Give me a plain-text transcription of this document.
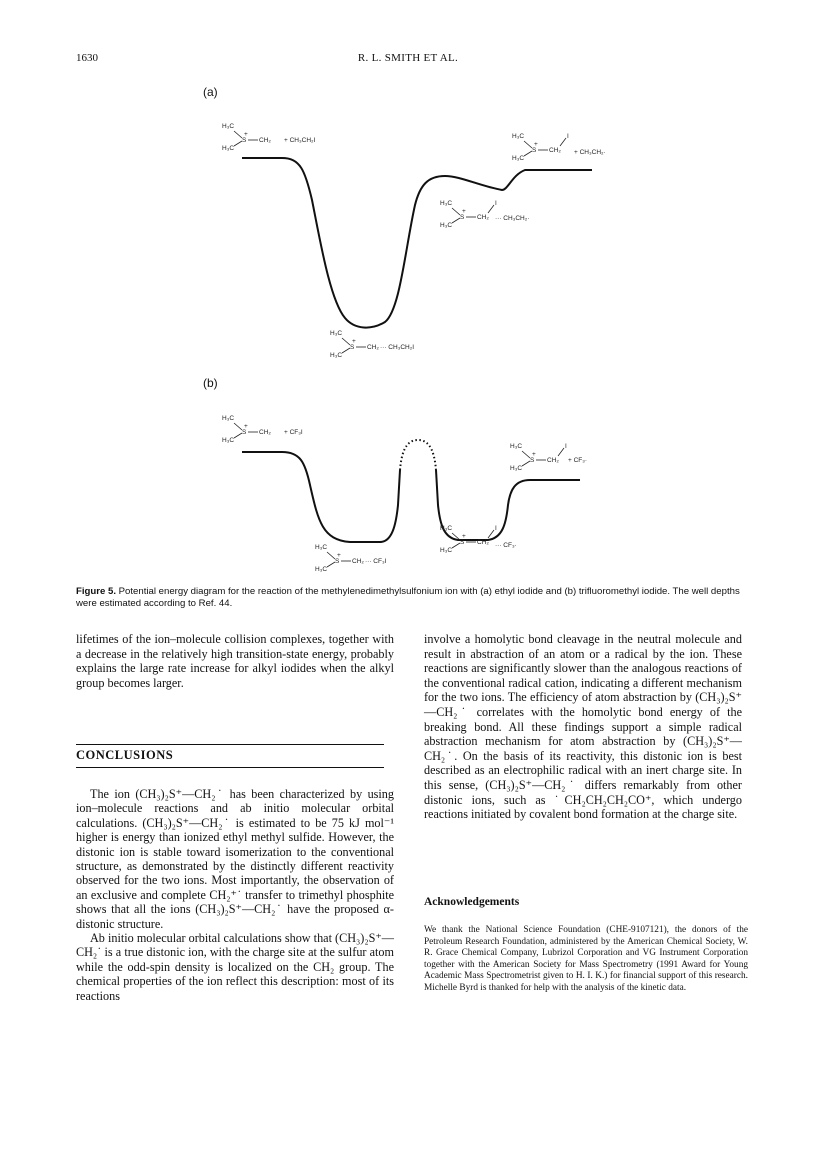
1630	R. L. SMITH ET AL.
(a)
(b)
H₃C
H₃C
+
S CH₂ + CH₃CH₂I
H₃C
H₃C
+
S CH₂
I
+ CH₃CH₂·
H₃C
H₃C
+
S CH₂
I
··· CH₃CH₂·
H₃C
H₃C
+
S CH₂ ··· CH₃CH₂I
H₃C
H₃C
+
S CH₂ + CF₃I
H₃C
H₃C
+
S CH₂
I
+ CF₃·
H₃C
H₃C
+
S CH₂
I
··· CF₃·
H₃C
H₃C
+
S CH₂ ··· CF₃I
Figure 5. Potential energy diagram for the reaction of the methylenedimethylsulfonium ion with (a) ethyl iodide and (b) trifluoromethyl iodide. The well depths were estimated according to Ref. 44.

lifetimes of the ion–molecule collision complexes, together with a decrease in the relatively high transition-state energy, probably explains the large rate increase for alkyl iodides when the alkyl group becomes larger.

CONCLUSIONS

The ion (CH₃)₂S⁺—CH₂˙ has been characterized by using ion–molecule reactions and ab initio molecular orbital calculations. (CH₃)₂S⁺—CH₂˙ is estimated to be 75 kJ mol⁻¹ higher is energy than ionized ethyl methyl sulfide. However, the distonic ion is stable toward isomerization to the conventional structure, as demonstrated by the distinctly different reactivity observed for the two ions. Most importantly, the observation of an exclusive and complete CH₂⁺˙ transfer to trimethyl phosphite shows that all the ions (CH₃)₂S⁺—CH₂˙ have the proposed α-distonic structure.

Ab initio molecular orbital calculations show that (CH₃)₂S⁺—CH₂˙ is a true distonic ion, with the charge site at the sulfur atom while the odd-spin density is localized on the CH₂ group. The chemical properties of the ion reflect this description: most of its reactions

involve a homolytic bond cleavage in the neutral molecule and result in abstraction of an atom or a radical by the ion. These reactions are significantly slower than the analogous reactions of the conventional radical cation, indicating a different mechanism for the two ions. The efficiency of atom abstraction by (CH₃)₂S⁺—CH₂˙ correlates with the homolytic bond energy of the breaking bond. All these findings support a simple radical abstraction mechanism for atom abstraction by (CH₃)₂S⁺—CH₂˙. On the basis of its reactivity, this distonic ion is best described as an electrophilic radical with an inert charge site. In this sense, (CH₃)₂S⁺—CH₂˙ differs remarkably from other distonic ions, such as ˙CH₂CH₂CH₂CO⁺, which undergo reactions initiated by covalent bond formation at the charge site.

Acknowledgements
We thank the National Science Foundation (CHE-9107121), the donors of the Petroleum Research Foundation, administered by the American Chemical Society, W. R. Grace Chemical Company, Lubrizol Corporation and VG Instrument Corporation together with the American Society for Mass Spectrometry (1991 Award for Young Academic Mass Spectrometrist given to H. I. K.) for financial support of this research. Michelle Byrd is thanked for help with the analysis of the kinetic data.
